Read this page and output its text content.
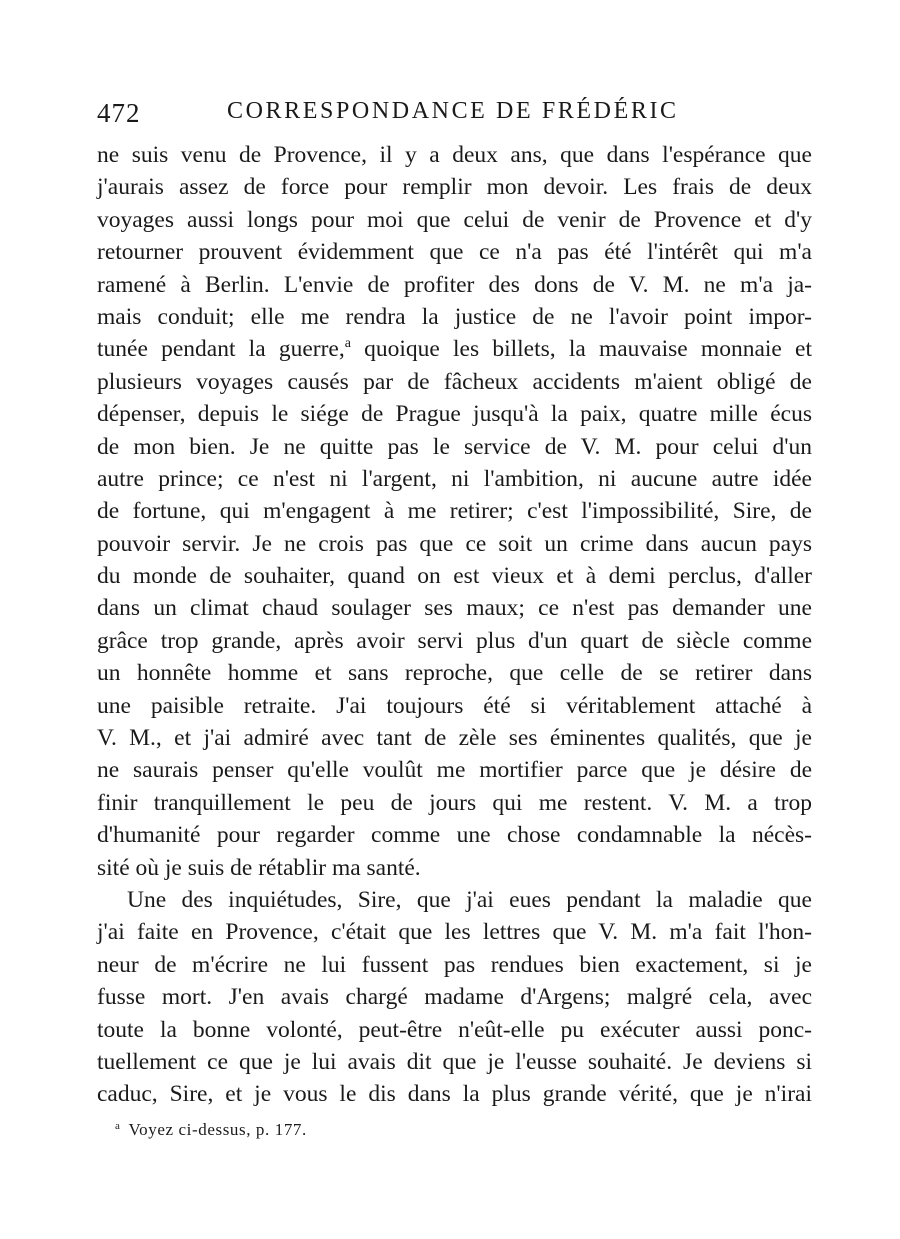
472	CORRESPONDANCE DE FRÉDÉRIC
ne suis venu de Provence, il y a deux ans, que dans l'espérance que
j'aurais assez de force pour remplir mon devoir. Les frais de deux
voyages aussi longs pour moi que celui de venir de Provence et d'y
retourner prouvent évidemment que ce n'a pas été l'intérêt qui m'a
ramené à Berlin. L'envie de profiter des dons de V. M. ne m'a ja-
mais conduit; elle me rendra la justice de ne l'avoir point impor-
tunée pendant la guerre,$^a$ quoique les billets, la mauvaise monnaie et
plusieurs voyages causés par de fâcheux accidents m'aient obligé de
dépenser, depuis le siége de Prague jusqu'à la paix, quatre mille écus
de mon bien. Je ne quitte pas le service de V. M. pour celui d'un
autre prince; ce n'est ni l'argent, ni l'ambition, ni aucune autre idée
de fortune, qui m'engagent à me retirer; c'est l'impossibilité, Sire, de
pouvoir servir. Je ne crois pas que ce soit un crime dans aucun pays
du monde de souhaiter, quand on est vieux et à demi perclus, d'aller
dans un climat chaud soulager ses maux; ce n'est pas demander une
grâce trop grande, après avoir servi plus d'un quart de siècle comme
un honnête homme et sans reproche, que celle de se retirer dans
une paisible retraite. J'ai toujours été si véritablement attaché à
V. M., et j'ai admiré avec tant de zèle ses éminentes qualités, que je
ne saurais penser qu'elle voulût me mortifier parce que je désire de
finir tranquillement le peu de jours qui me restent. V. M. a trop
d'humanité pour regarder comme une chose condamnable la nécès-
sité où je suis de rétablir ma santé.
Une des inquiétudes, Sire, que j'ai eues pendant la maladie que
j'ai faite en Provence, c'était que les lettres que V. M. m'a fait l'hon-
neur de m'écrire ne lui fussent pas rendues bien exactement, si je
fusse mort. J'en avais chargé madame d'Argens; malgré cela, avec
toute la bonne volonté, peut-être n'eût-elle pu exécuter aussi ponc-
tuellement ce que je lui avais dit que je l'eusse souhaité. Je deviens si
caduc, Sire, et je vous le dis dans la plus grande vérité, que je n'irai
$^a$ Voyez ci-dessus, p. 177.
